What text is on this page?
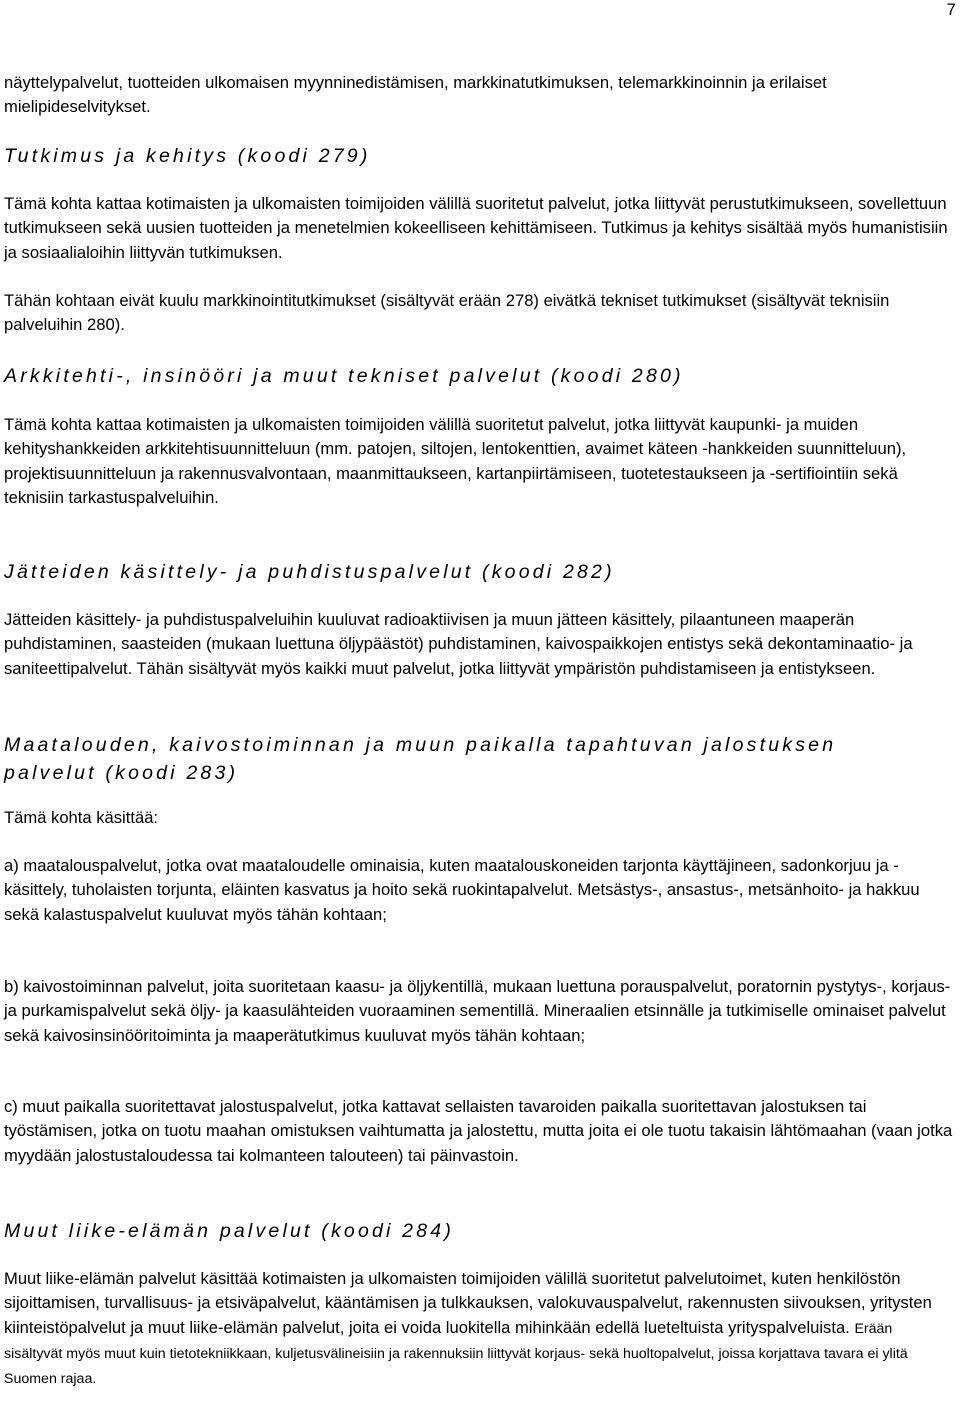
7

näyttelypalvelut, tuotteiden ulkomaisen myynninedistämisen, markkinatutkimuksen, telemarkkinoinnin ja erilaiset mielipideselvitykset.

Tutkimus ja kehitys (koodi 279)

Tämä kohta kattaa kotimaisten ja ulkomaisten toimijoiden välillä suoritetut palvelut, jotka liittyvät perustutkimukseen, sovellettuun tutkimukseen sekä uusien tuotteiden ja menetelmien kokeelliseen kehittämiseen. Tutkimus ja kehitys sisältää myös humanistisiin ja sosiaalialoihin liittyvän tutkimuksen.

Tähän kohtaan eivät kuulu markkinointitutkimukset (sisältyvät erään 278) eivätkä tekniset tutkimukset (sisältyvät teknisiin palveluihin 280).

Arkkitehti-, insinööri ja muut tekniset palvelut (koodi 280)

Tämä kohta kattaa kotimaisten ja ulkomaisten toimijoiden välillä suoritetut palvelut, jotka liittyvät kaupunki- ja muiden kehityshankkeiden arkkitehtisuunnitteluun (mm. patojen, siltojen, lentokenttien, avaimet käteen -hankkeiden suunnitteluun), projektisuunnitteluun ja rakennusvalvontaan, maanmittaukseen, kartanpiirtämiseen, tuotetestaukseen ja -sertifiointiin sekä teknisiin tarkastuspalveluihin.

Jätteiden käsittely- ja puhdistuspalvelut (koodi 282)

Jätteiden käsittely- ja puhdistuspalveluihin kuuluvat radioaktiivisen ja muun jätteen käsittely, pilaantuneen maaperän puhdistaminen, saasteiden (mukaan luettuna öljypäästöt) puhdistaminen, kaivospaikkojen entistys sekä dekontaminaatio- ja saniteettipalvelut. Tähän sisältyvät myös kaikki muut palvelut, jotka liittyvät ympäristön puhdistamiseen ja entistykseen.

Maatalouden, kaivostoiminnan ja muun paikalla tapahtuvan jalostuksen palvelut (koodi 283)

Tämä kohta käsittää:

a) maatalouspalvelut, jotka ovat maataloudelle ominaisia, kuten maatalouskoneiden tarjonta käyttäjineen, sadonkorjuu ja -käsittely, tuholaisten torjunta, eläinten kasvatus ja hoito sekä ruokintapalvelut. Metsästys-, ansastus-, metsänhoito- ja hakkuu sekä kalastuspalvelut kuuluvat myös tähän kohtaan;

b) kaivostoiminnan palvelut, joita suoritetaan kaasu- ja öljykentillä, mukaan luettuna porauspalvelut, poratornin pystytys-, korjaus- ja purkamispalvelut sekä öljy- ja kaasulähteiden vuoraaminen sementillä. Mineraalien etsinnälle ja tutkimiselle ominaiset palvelut sekä kaivosinsinööritoiminta ja maaperätutkimus kuuluvat myös tähän kohtaan;

c) muut paikalla suoritettavat jalostuspalvelut, jotka kattavat sellaisten tavaroiden paikalla suoritettavan jalostuksen tai työstämisen, jotka on tuotu maahan omistuksen vaihtumatta ja jalostettu, mutta joita ei ole tuotu takaisin lähtömaahan (vaan jotka myydään jalostustaloudessa tai kolmanteen talouteen) tai päinvastoin.

Muut liike-elämän palvelut (koodi 284)

Muut liike-elämän palvelut käsittää kotimaisten ja ulkomaisten toimijoiden välillä suoritetut palvelutoimet, kuten henkilöstön sijoittamisen, turvallisuus- ja etsiväpalvelut, kääntämisen ja tulkkauksen, valokuvauspalvelut, rakennusten siivouksen, yritysten kiinteistöpalvelut ja muut liike-elämän palvelut, joita ei voida luokitella mihinkään edellä lueteltuista yrityspalveluista. Erään sisältyvät myös muut kuin tietotekniikkaan, kuljetusvälineisiin ja rakennuksiin liittyvät korjaus- sekä huoltopalvelut, joissa korjattava tavara ei ylitä Suomen rajaa.
